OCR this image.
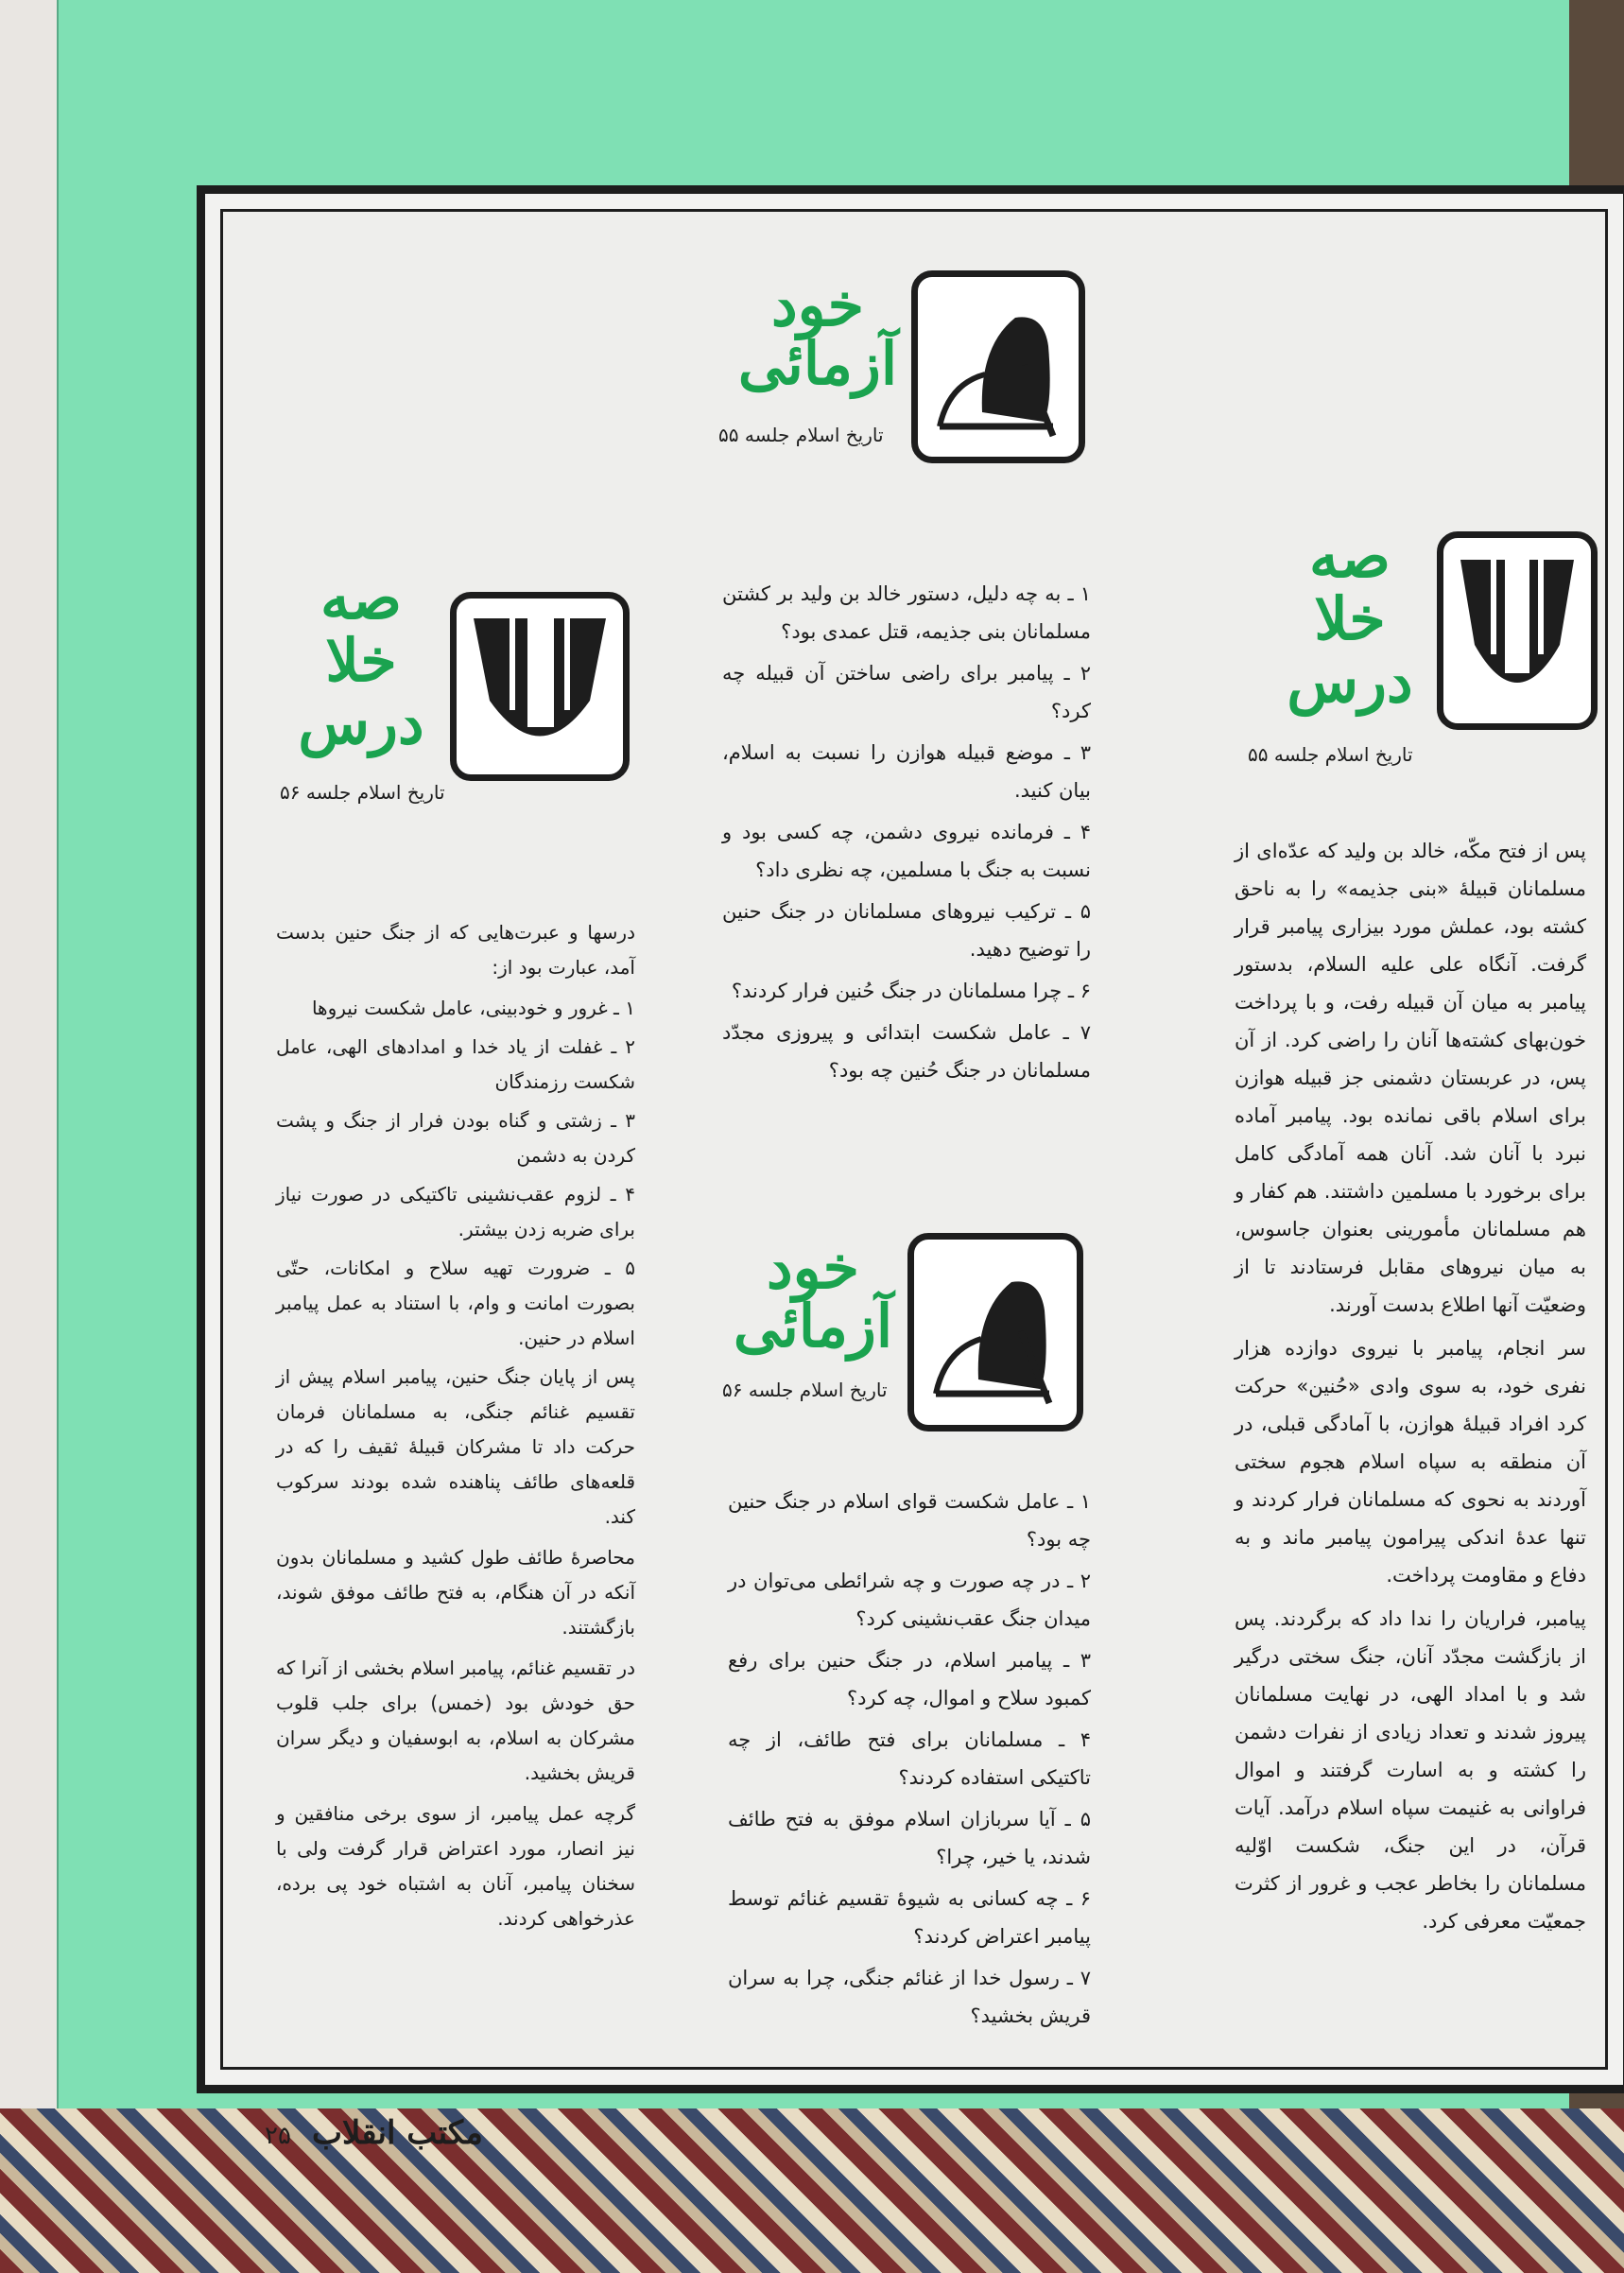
خود
آزمائی
تاریخ اسلام جلسه ۵۵
صه
خلا
درس
تاریخ اسلام جلسه ۵۵
صه
خلا
درس
تاریخ اسلام جلسه ۵۶
خود
آزمائی
تاریخ اسلام جلسه ۵۶

پس از فتح مکّه، خالد بن ولید که عدّه‌ای از مسلمانان قبیلهٔ «بنی جذیمه» را به ناحق کشته بود، عملش مورد بیزاری پیامبر قرار گرفت. آنگاه علی علیه السلام، بدستور پیامبر به میان آن قبیله رفت، و با پرداخت خون‌بهای کشته‌ها آنان را راضی کرد. از آن پس، در عربستان دشمنی جز قبیله هوازن برای اسلام باقی نمانده بود. پیامبر آماده نبرد با آنان شد. آنان همه آمادگی کامل برای برخورد با مسلمین داشتند. هم کفار و هم مسلمانان مأمورینی بعنوان جاسوس، به میان نیروهای مقابل فرستادند تا از وضعیّت آنها اطلاع بدست آورند.

سر انجام، پیامبر با نیروی دوازده هزار نفری خود، به سوی وادی «حُنین» حرکت کرد افراد قبیلهٔ هوازن، با آمادگی قبلی، در آن منطقه به سپاه اسلام هجوم سختی آوردند به نحوی که مسلمانان فرار کردند و تنها عدهٔ اندکی پیرامون پیامبر ماند و به دفاع و مقاومت پرداخت.

پیامبر، فراریان را ندا داد که برگردند. پس از بازگشت مجدّد آنان، جنگ سختی درگیر شد و با امداد الهی، در نهایت مسلمانان پیروز شدند و تعداد زیادی از نفرات دشمن را کشته و به اسارت گرفتند و اموال فراوانی به غنیمت سپاه اسلام درآمد. آیات قرآن، در این جنگ، شکست اوّلیه مسلمانان را بخاطر عجب و غرور از کثرت جمعیّت معرفی کرد.

۱ ـ به چه دلیل، دستور خالد بن ولید بر کشتن مسلمانان بنی جذیمه، قتل عمدی بود؟

۲ ـ پیامبر برای راضی ساختن آن قبیله چه کرد؟

۳ ـ موضع قبیله هوازن را نسبت به اسلام، بیان کنید.

۴ ـ فرمانده نیروی دشمن، چه کسی بود و نسبت به جنگ با مسلمین، چه نظری داد؟

۵ ـ ترکیب نیروهای مسلمانان در جنگ حنین را توضیح دهید.

۶ ـ چرا مسلمانان در جنگ حُنین فرار کردند؟

۷ ـ عامل شکست ابتدائی و پیروزی مجدّد مسلمانان در جنگ حُنین چه بود؟

۱ ـ عامل شکست قوای اسلام در جنگ حنین چه بود؟

۲ ـ در چه صورت و چه شرائطی می‌توان در میدان جنگ عقب‌نشینی کرد؟

۳ ـ پیامبر اسلام، در جنگ حنین برای رفع کمبود سلاح و اموال، چه کرد؟

۴ ـ مسلمانان برای فتح طائف، از چه تاکتیکی استفاده کردند؟

۵ ـ آیا سربازان اسلام موفق به فتح طائف شدند، یا خیر، چرا؟

۶ ـ چه کسانی به شیوهٔ تقسیم غنائم توسط پیامبر اعتراض کردند؟

۷ ـ رسول خدا از غنائم جنگی، چرا به سران قریش بخشید؟

درسها و عبرت‌هایی که از جنگ حنین بدست آمد، عبارت بود از:

۱ ـ غرور و خودبینی، عامل شکست نیروها

۲ ـ غفلت از یاد خدا و امدادهای الهی، عامل شکست رزمندگان

۳ ـ زشتی و گناه بودن فرار از جنگ و پشت کردن به دشمن

۴ ـ لزوم عقب‌نشینی تاکتیکی در صورت نیاز برای ضربه زدن بیشتر.

۵ ـ ضرورت تهیه سلاح و امکانات، حتّی بصورت امانت و وام، با استناد به عمل پیامبر اسلام در حنین.

پس از پایان جنگ حنین، پیامبر اسلام پیش از تقسیم غنائم جنگی، به مسلمانان فرمان حرکت داد تا مشرکان قبیلهٔ ثقیف را که در قلعه‌های طائف پناهنده شده بودند سرکوب کند.

محاصرهٔ طائف طول کشید و مسلمانان بدون آنکه در آن هنگام، به فتح طائف موفق شوند، بازگشتند.

در تقسیم غنائم، پیامبر اسلام بخشی از آنرا که حق خودش بود (خمس) برای جلب قلوب مشرکان به اسلام، به ابوسفیان و دیگر سران قریش بخشید.

گرچه عمل پیامبر، از سوی برخی منافقین و نیز انصار، مورد اعتراض قرار گرفت ولی با سخنان پیامبر، آنان به اشتباه خود پی برده، عذرخواهی کردند.

مکتب انقلاب
۲۵
